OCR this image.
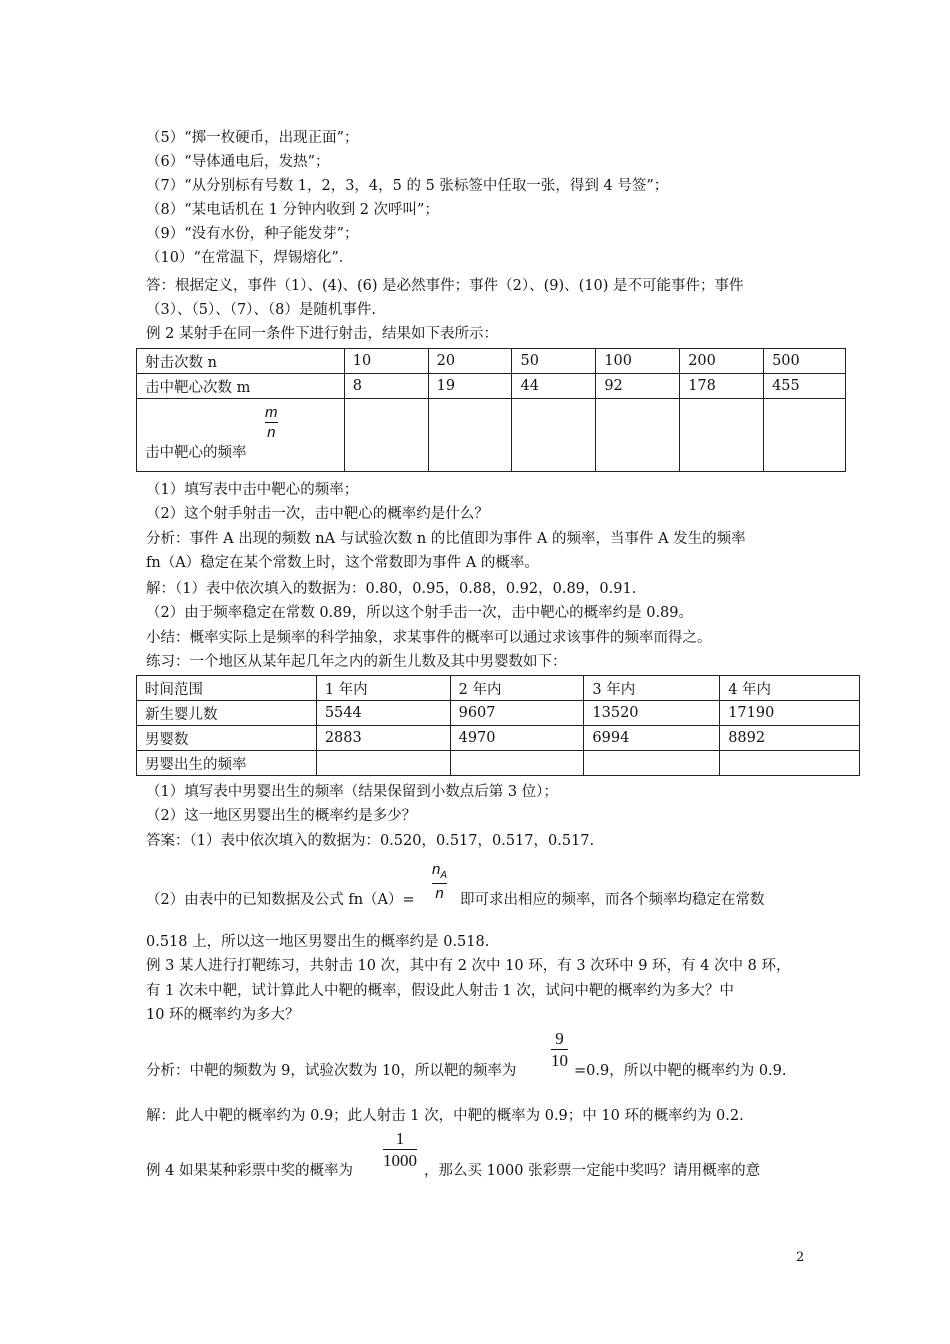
（5）“掷一枚硬币，出现正面”；
（6）“导体通电后，发热”；
（7）“从分别标有号数 1，2，3，4，5 的 5 张标签中任取一张，得到 4 号签”；
（8）“某电话机在 1 分钟内收到 2 次呼叫”；
（9）“没有水份，种子能发芽”；
（10）“在常温下，焊锡熔化”．
答：根据定义，事件（1）、(4)、(6) 是必然事件；事件（2）、(9)、(10) 是不可能事件；事件
（3）、（5）、（7）、（8）是随机事件.
例 2 某射手在同一条件下进行射击，结果如下表所示：
射击次数 n	10	20	50	100	200	500
击中靶心次数 m	8	19	44	92	178	455

击中靶心的频率
m
n						

（1）填写表中击中靶心的频率；
（2）这个射手射击一次，击中靶心的概率约是什么？
分析：事件 A 出现的频数 nA 与试验次数 n 的比值即为事件 A 的频率，当事件 A 发生的频率
fn（A）稳定在某个常数上时，这个常数即为事件 A 的概率。
解：（1）表中依次填入的数据为：0.80，0.95，0.88，0.92，0.89，0.91.
（2）由于频率稳定在常数 0.89，所以这个射手击一次，击中靶心的概率约是 0.89。
小结：概率实际上是频率的科学抽象，求某事件的概率可以通过求该事件的频率而得之。
练习：一个地区从某年起几年之内的新生儿数及其中男婴数如下：
时间范围	1 年内	2 年内	3 年内	4 年内
新生婴儿数	5544	9607	13520	17190
男婴数	2883	4970	6994	8892
男婴出生的频率				
（1）填写表中男婴出生的频率（结果保留到小数点后第 3 位）；
（2）这一地区男婴出生的概率约是多少？
答案：（1）表中依次填入的数据为：0.520，0.517，0.517，0.517.
（2）由表中的已知数据及公式 fn（A）=
$n_A$
n 即可求出相应的频率，而各个频率均稳定在常数
0.518 上，所以这一地区男婴出生的概率约是 0.518.
例 3 某人进行打靶练习，共射击 10 次，其中有 2 次中 10 环，有 3 次环中 9 环，有 4 次中 8 环，
有 1 次未中靶，试计算此人中靶的概率，假设此人射击 1 次，试问中靶的概率约为多大？中
10 环的概率约为多大？
分析：中靶的频数为 9，试验次数为 10，所以靶的频率为
9
10
=0.9，所以中靶的概率约为 0.9.
解：此人中靶的概率约为 0.9；此人射击 1 次，中靶的概率为 0.9；中 10 环的概率约为 0.2.
例 4 如果某种彩票中奖的概率为
1
1000
，那么买 1000 张彩票一定能中奖吗？请用概率的意
2
